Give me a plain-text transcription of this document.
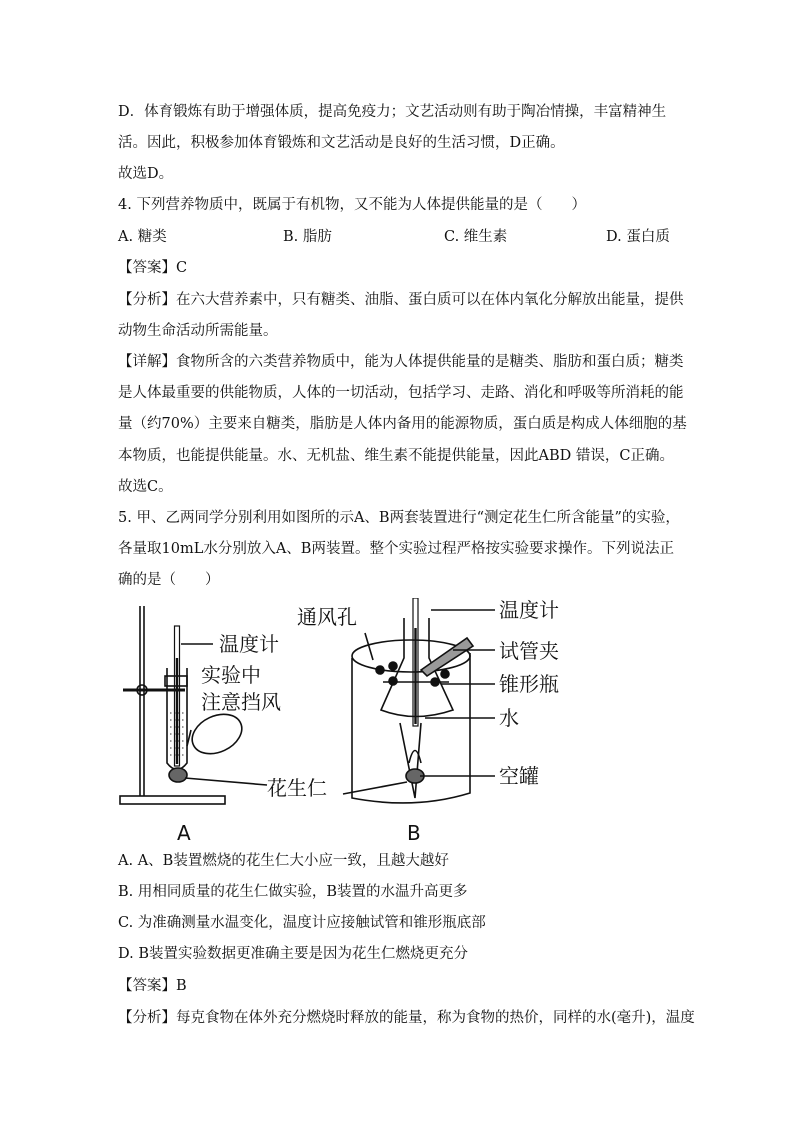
D．体育锻炼有助于增强体质，提高免疫力；文艺活动则有助于陶冶情操，丰富精神生
活。因此，积极参加体育锻炼和文艺活动是良好的生活习惯，D正确。
故选D。
4. 下列营养物质中，既属于有机物，又不能为人体提供能量的是（　　）
A. 糖类	B. 脂肪	C. 维生素	D. 蛋白质
【答案】C
【分析】在六大营养素中，只有糖类、油脂、蛋白质可以在体内氧化分解放出能量，提供
动物生命活动所需能量。
【详解】食物所含的六类营养物质中，能为人体提供能量的是糖类、脂肪和蛋白质；糖类
是人体最重要的供能物质，人体的一切活动，包括学习、走路、消化和呼吸等所消耗的能
量（约70%）主要来自糖类，脂肪是人体内备用的能源物质，蛋白质是构成人体细胞的基
本物质，也能提供能量。水、无机盐、维生素不能提供能量，因此ABD 错误，C正确。
故选C。
5. 甲、乙两同学分别利用如图所的示A、B两套装置进行“测定花生仁所含能量”的实验，
各量取10mL水分别放入A、B两装置。整个实验过程严格按实验要求操作。下列说法正
确的是（　　）
温度计
实验中
注意挡风
花生仁
通风孔	温度计
试管夹
锥形瓶
水
空罐
A	B
A. A、B装置燃烧的花生仁大小应一致，且越大越好
B. 用相同质量的花生仁做实验，B装置的水温升高更多
C. 为准确测量水温变化，温度计应接触试管和锥形瓶底部
D. B装置实验数据更准确主要是因为花生仁燃烧更充分
【答案】B
【分析】每克食物在体外充分燃烧时释放的能量，称为食物的热价，同样的水(毫升)，温度
